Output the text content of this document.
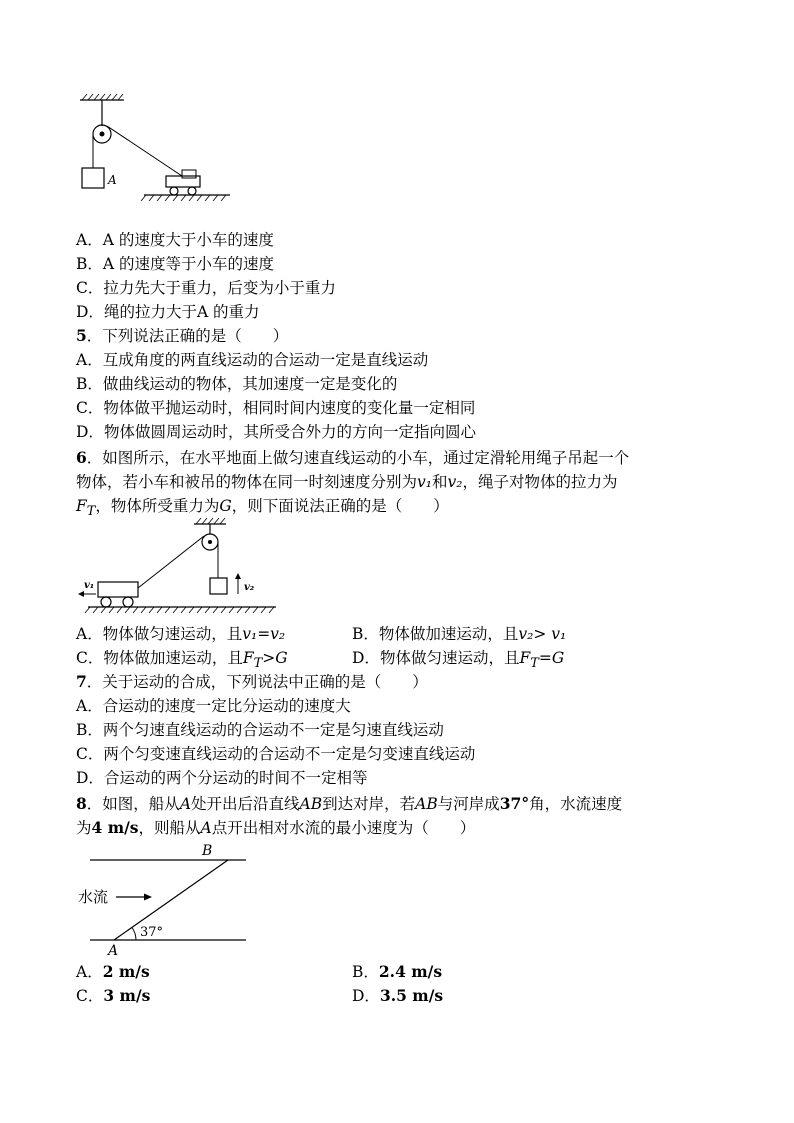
A
A．A 的速度大于小车的速度
B．A 的速度等于小车的速度
C．拉力先大于重力，后变为小于重力
D．绳的拉力大于A 的重力
5．下列说法正确的是（　　）
A．互成角度的两直线运动的合运动一定是直线运动
B．做曲线运动的物体，其加速度一定是变化的
C．物体做平抛运动时，相同时间内速度的变化量一定相同
D．物体做圆周运动时，其所受合外力的方向一定指向圆心
6．如图所示，在水平地面上做匀速直线运动的小车，通过定滑轮用绳子吊起一个
物体，若小车和被吊的物体在同一时刻速度分别为v₁和v₂，绳子对物体的拉力为
$F_T$，物体所受重力为G，则下面说法正确的是（　　）
v₂
v₁
A．物体做匀速运动，且v₁=v₂	B．物体做加速运动，且v₂> v₁
C．物体做加速运动，且$F_T>G$	D．物体做匀速运动，且$F_T=G$
7．关于运动的合成，下列说法中正确的是（　　）
A．合运动的速度一定比分运动的速度大
B．两个匀速直线运动的合运动不一定是匀速直线运动
C．两个匀变速直线运动的合运动不一定是匀变速直线运动
D．合运动的两个分运动的时间不一定相等
8．如图，船从A处开出后沿直线AB到达对岸，若AB与河岸成37°角，水流速度
为4 m/s，则船从A点开出相对水流的最小速度为（　　）
B
A
水流
37°
A．2 m/s	B．2.4 m/s
C．3 m/s	D．3.5 m/s
